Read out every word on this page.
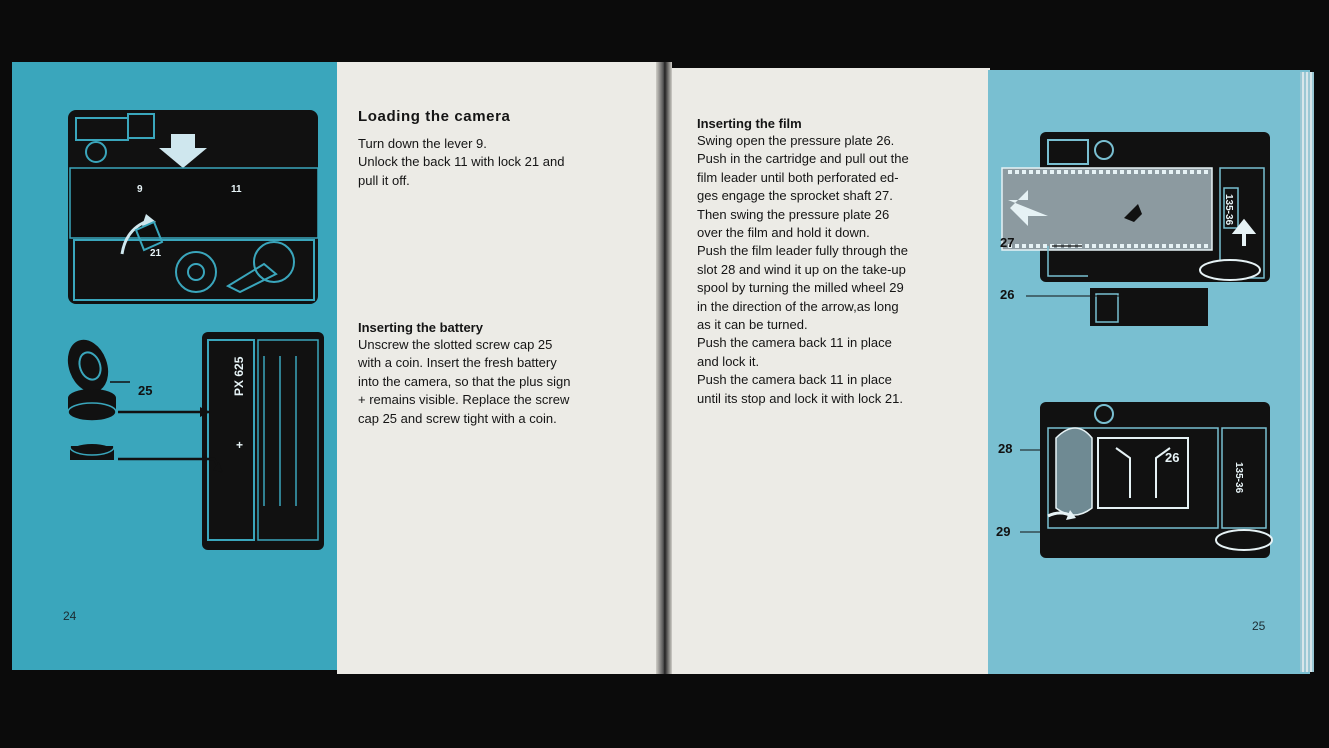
9	11
21
25	PX 625
+
24
Loading the camera

Turn down the lever 9.
Unlock the back 11 with lock 21 and
pull it off.

Inserting the battery

Unscrew the slotted screw cap 25
with a coin. Insert the fresh battery
into the camera, so that the plus sign
+ remains visible. Replace the screw
cap 25 and screw tight with a coin.

Inserting the film

Swing open the pressure plate 26.
Push in the cartridge and pull out the
film leader until both perforated ed-
ges engage the sprocket shaft 27.
Then swing the pressure plate 26
over the film and hold it down.
Push the film leader fully through the
slot 28 and wind it up on the take-up
spool by turning the milled wheel 29
in the direction of the arrow,as long
as it can be turned.
Push the camera back 11 in place
and lock it.
Push the camera back 11 in place
until its stop and lock it with lock 21.

27
26
135-36
28
29
26
135-36
25
